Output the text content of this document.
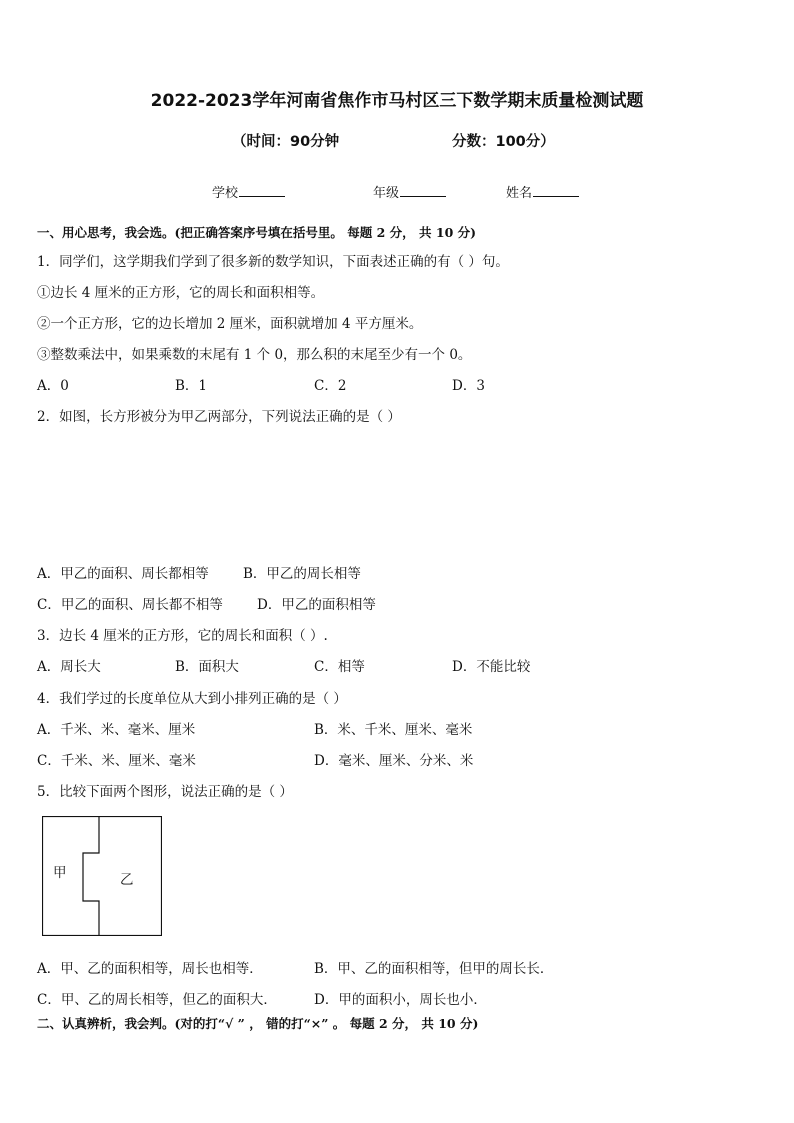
2022-2023学年河南省焦作市马村区三下数学期末质量检测试题
（时间：90分钟	分数：100分）
学校	年级	姓名
一、用心思考，我会选。(把正确答案序号填在括号里。 每题 2 分， 共 10 分)
1．同学们，这学期我们学到了很多新的数学知识，下面表述正确的有（ ）句。
①边长 4 厘米的正方形，它的周长和面积相等。
②一个正方形，它的边长增加 2 厘米，面积就增加 4 平方厘米。
③整数乘法中，如果乘数的末尾有 1 个 0，那么积的末尾至少有一个 0。
A．0	B．1	C．2	D．3
2．如图，长方形被分为甲乙两部分，下列说法正确的是（ ）
A．甲乙的面积、周长都相等	B．甲乙的周长相等
C．甲乙的面积、周长都不相等	D．甲乙的面积相等
3．边长 4 厘米的正方形，它的周长和面积（ ）.
A．周长大	B．面积大	C．相等	D．不能比较
4．我们学过的长度单位从大到小排列正确的是（ ）
A．千米、米、毫米、厘米	B．米、千米、厘米、毫米
C．千米、米、厘米、毫米	D．毫米、厘米、分米、米
5．比较下面两个图形，说法正确的是（ ）
甲	乙
A．甲、乙的面积相等，周长也相等．	B．甲、乙的面积相等，但甲的周长长．
C．甲、乙的周长相等，但乙的面积大．	D．甲的面积小，周长也小．
二、认真辨析，我会判。(对的打“√ ” ， 错的打“×” 。 每题 2 分， 共 10 分)
